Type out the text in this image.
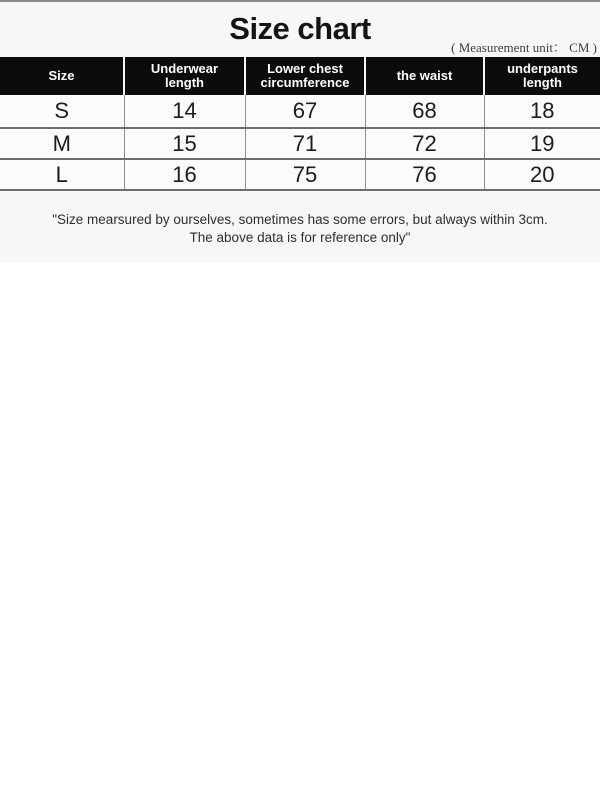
Size chart
( Measurement unit： CM )
Size	Underwear length	Lower chest circumference	the waist	underpants length
S	14	67	68	18
M	15	71	72	19
L	16	75	76	20
"Size mearsured by ourselves, sometimes has some errors, but always within 3cm.
The above data is for reference only"
